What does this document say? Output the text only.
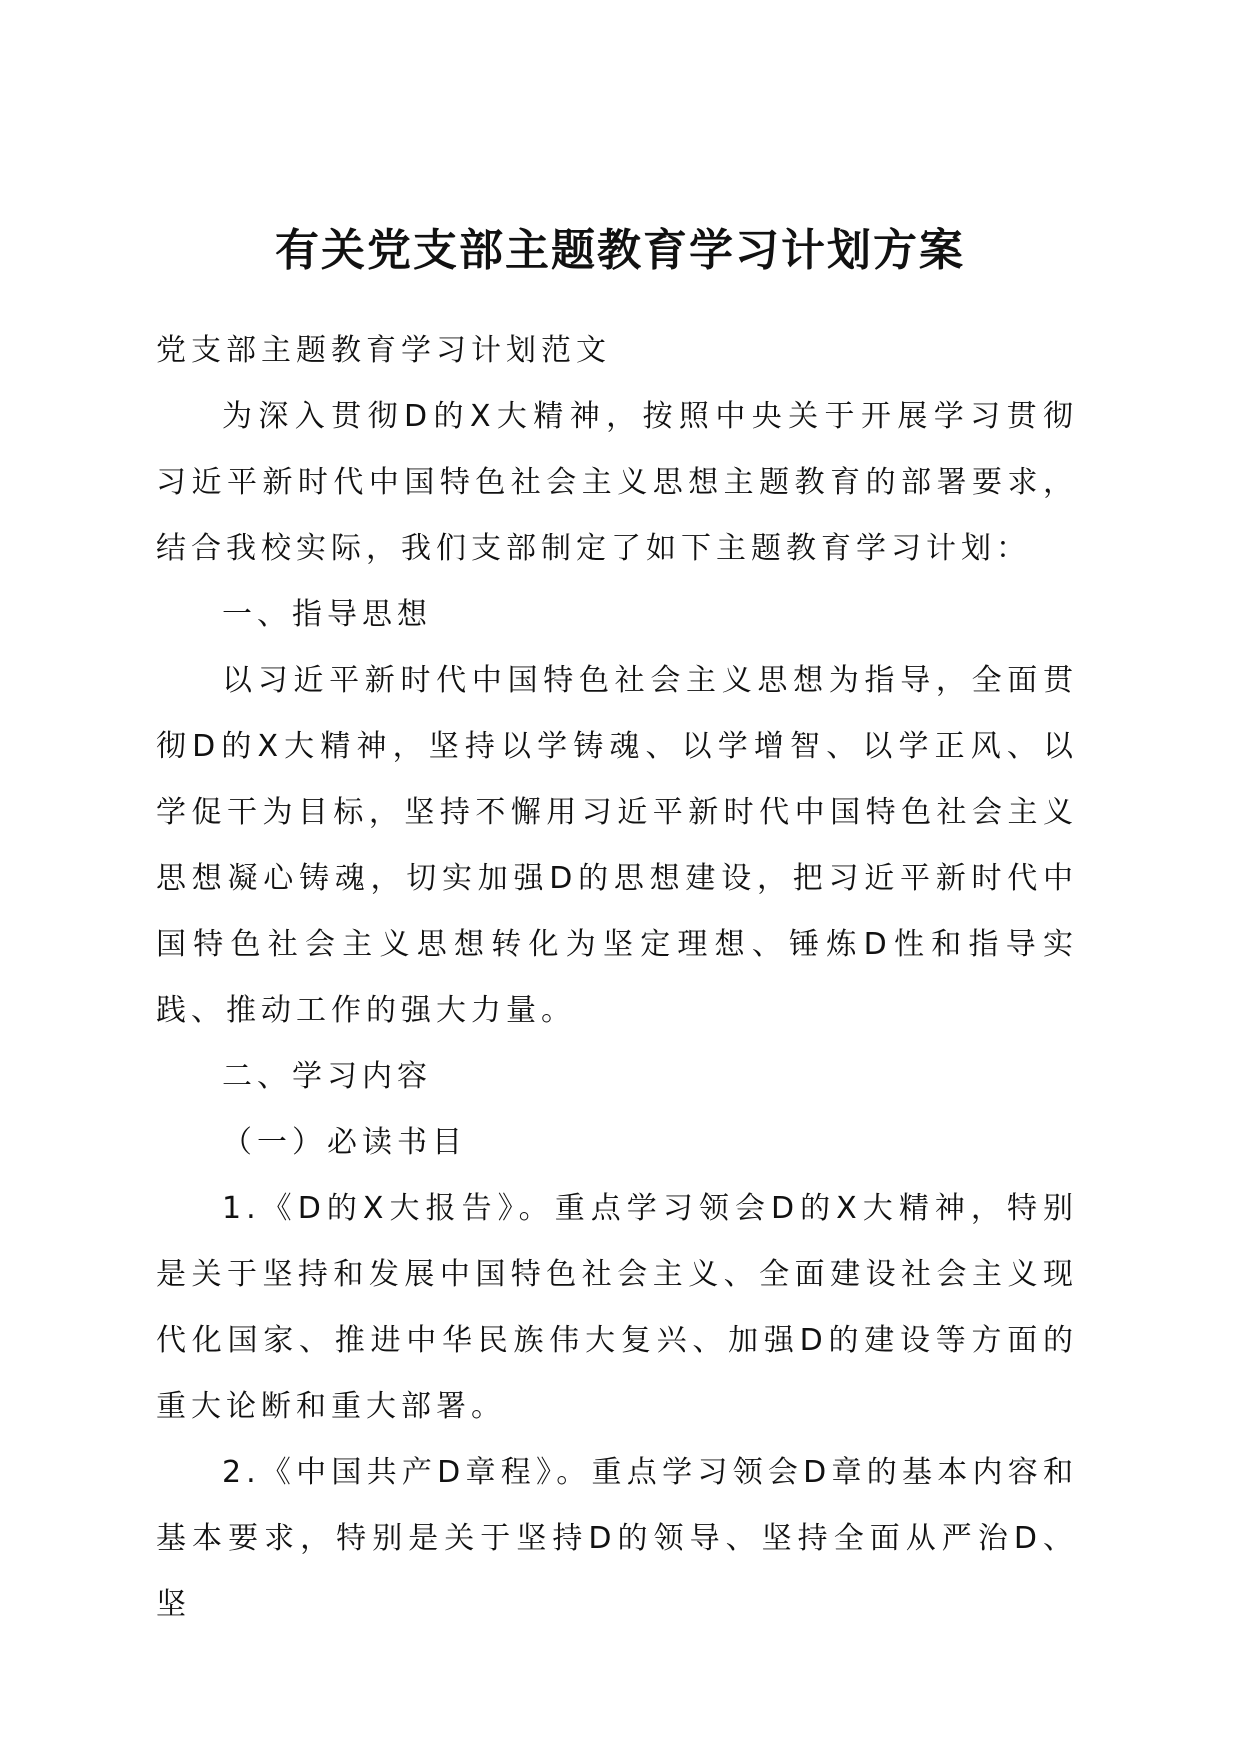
有关党支部主题教育学习计划方案

党支部主题教育学习计划范文

为深入贯彻D的X大精神，按照中央关于开展学习贯彻习近平新时代中国特色社会主义思想主题教育的部署要求，结合我校实际，我们支部制定了如下主题教育学习计划：

一、指导思想

以习近平新时代中国特色社会主义思想为指导，全面贯彻D的X大精神，坚持以学铸魂、以学增智、以学正风、以学促干为目标，坚持不懈用习近平新时代中国特色社会主义思想凝心铸魂，切实加强D的思想建设，把习近平新时代中国特色社会主义思想转化为坚定理想、锤炼D性和指导实践、推动工作的强大力量。

二、学习内容

（一）必读书目

1.《D的X大报告》。重点学习领会D的X大精神，特别是关于坚持和发展中国特色社会主义、全面建设社会主义现代化国家、推进中华民族伟大复兴、加强D的建设等方面的重大论断和重大部署。

2.《中国共产D章程》。重点学习领会D章的基本内容和基本要求，特别是关于坚持D的领导、坚持全面从严治D、坚
